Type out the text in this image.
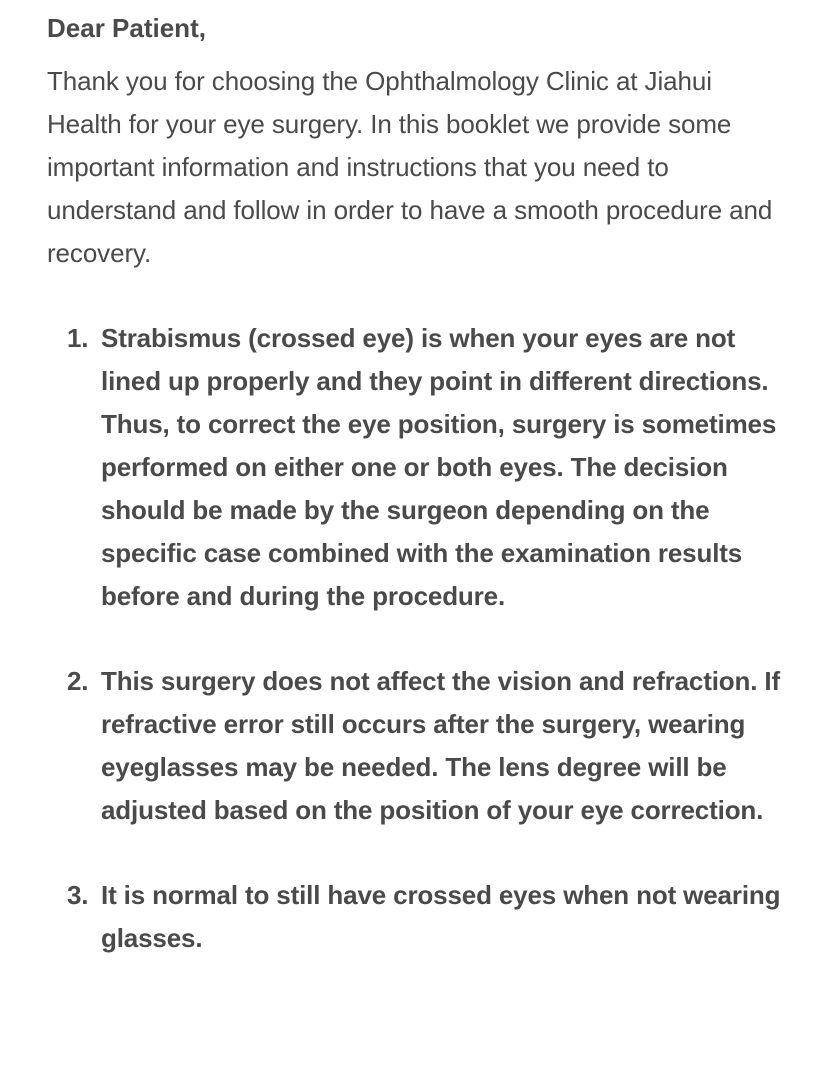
Dear Patient,

Thank you for choosing the Ophthalmology Clinic at Jiahui Health for your eye surgery. In this booklet we provide some important information and instructions that you need to understand and follow in order to have a smooth procedure and recovery.

1. Strabismus (crossed eye) is when your eyes are not lined up properly and they point in different directions. Thus, to correct the eye position, surgery is sometimes performed on either one or both eyes. The decision should be made by the surgeon depending on the specific case combined with the examination results before and during the procedure.
2. This surgery does not affect the vision and refraction. If refractive error still occurs after the surgery, wearing eyeglasses may be needed. The lens degree will be adjusted based on the position of your eye correction.
3. It is normal to still have crossed eyes when not wearing glasses.
